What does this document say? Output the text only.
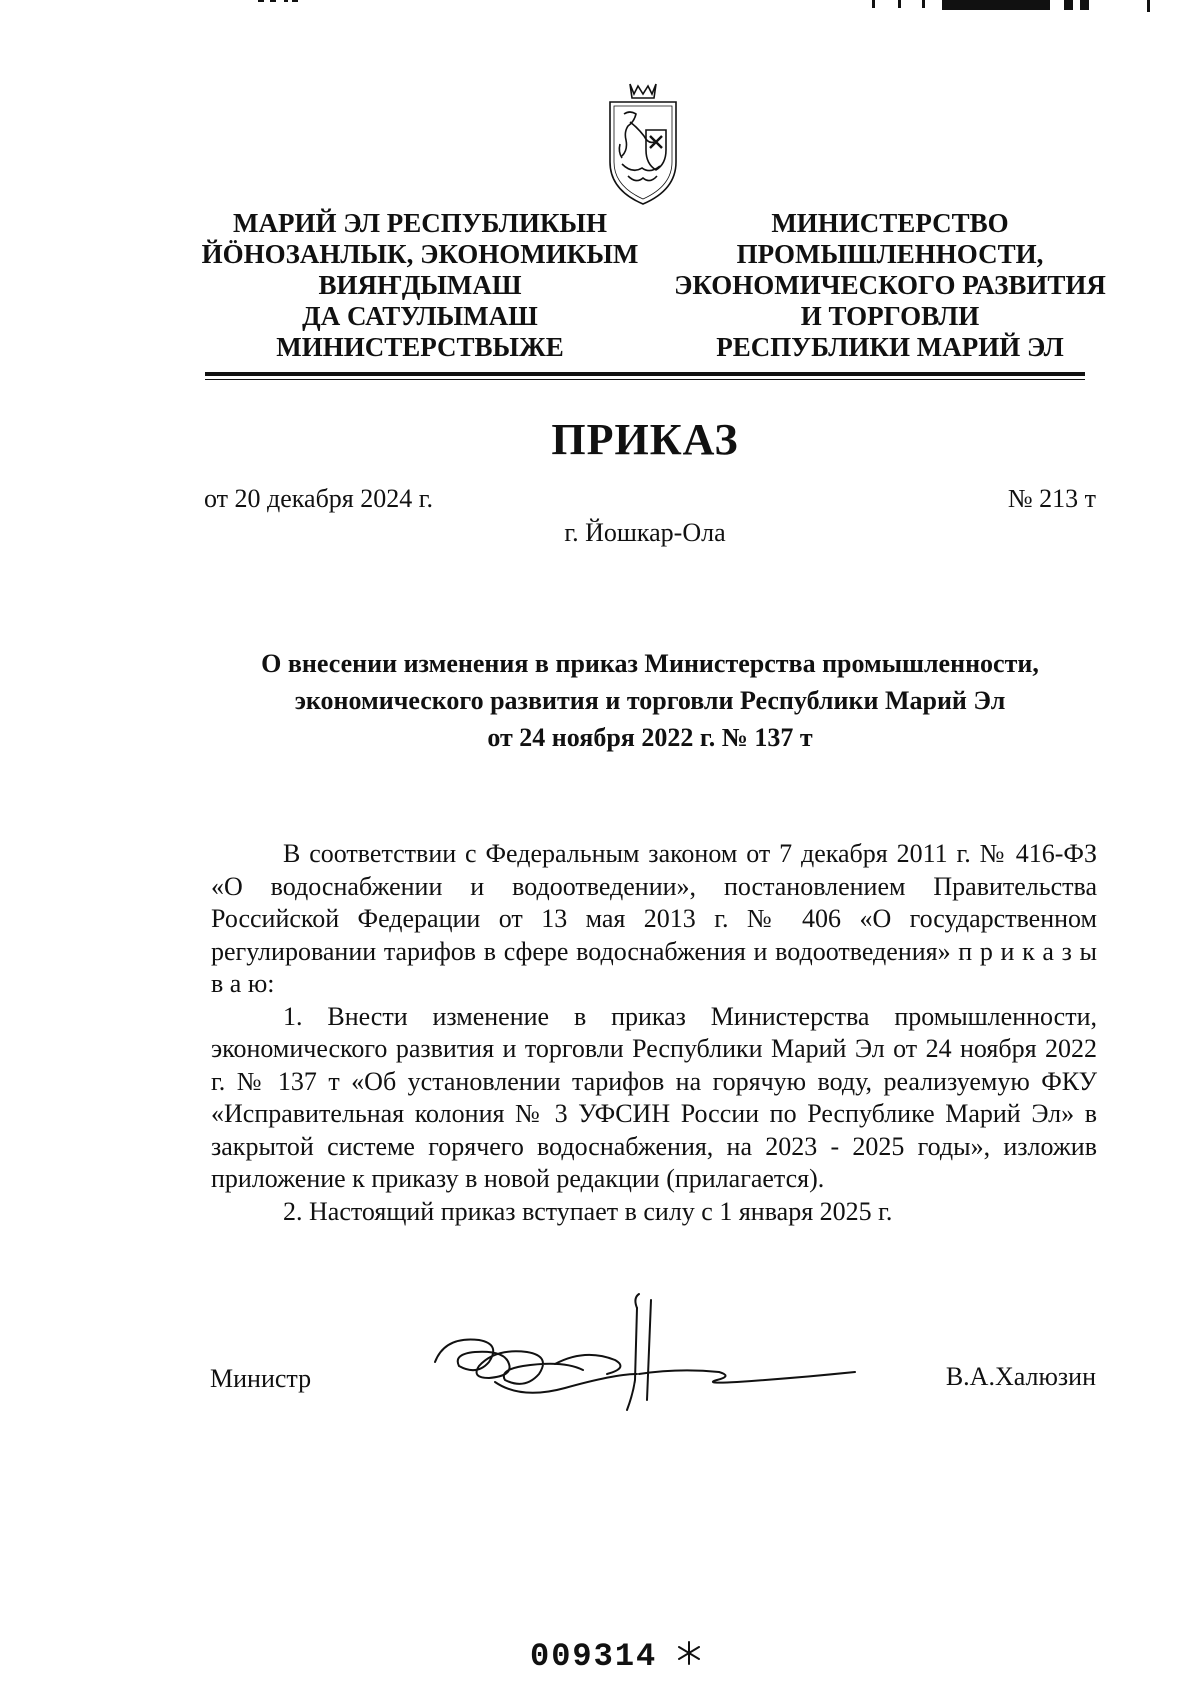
МАРИЙ ЭЛ РЕСПУБЛИКЫН
ЙӦНОЗАНЛЫК, ЭКОНОМИКЫМ
ВИЯҤДЫМАШ
ДА САТУЛЫМАШ
МИНИСТЕРСТВЫЖЕ
МИНИСТЕРСТВО
ПРОМЫШЛЕННОСТИ,
ЭКОНОМИЧЕСКОГО РАЗВИТИЯ
И ТОРГОВЛИ
РЕСПУБЛИКИ МАРИЙ ЭЛ
ПРИКАЗ
от 20 декабря 2024 г.	№ 213 т
г. Йошкар-Ола
О внесении изменения в приказ Министерства промышленности,
экономического развития и торговли Республики Марий Эл
от 24 ноября 2022 г. № 137 т

В соответствии с Федеральным законом от 7 декабря 2011 г. № 416-ФЗ «О водоснабжении и водоотведении», постановлением Правительства Российской Федерации от 13 мая 2013 г. № 406 «О государственном регулировании тарифов в сфере водоснабжения и водоотведения» п р и к а з ы в а ю:

1. Внести изменение в приказ Министерства промышленности, экономического развития и торговли Республики Марий Эл от 24 ноября 2022 г. № 137 т «Об установлении тарифов на горячую воду, реализуемую ФКУ «Исправительная колония № 3 УФСИН России по Республике Марий Эл» в закрытой системе горячего водоснабжения, на 2023 - 2025 годы», изложив приложение к приказу в новой редакции (прилагается).

2. Настоящий приказ вступает в силу с 1 января 2025 г.

Министр	В.А.Халюзин
009314
